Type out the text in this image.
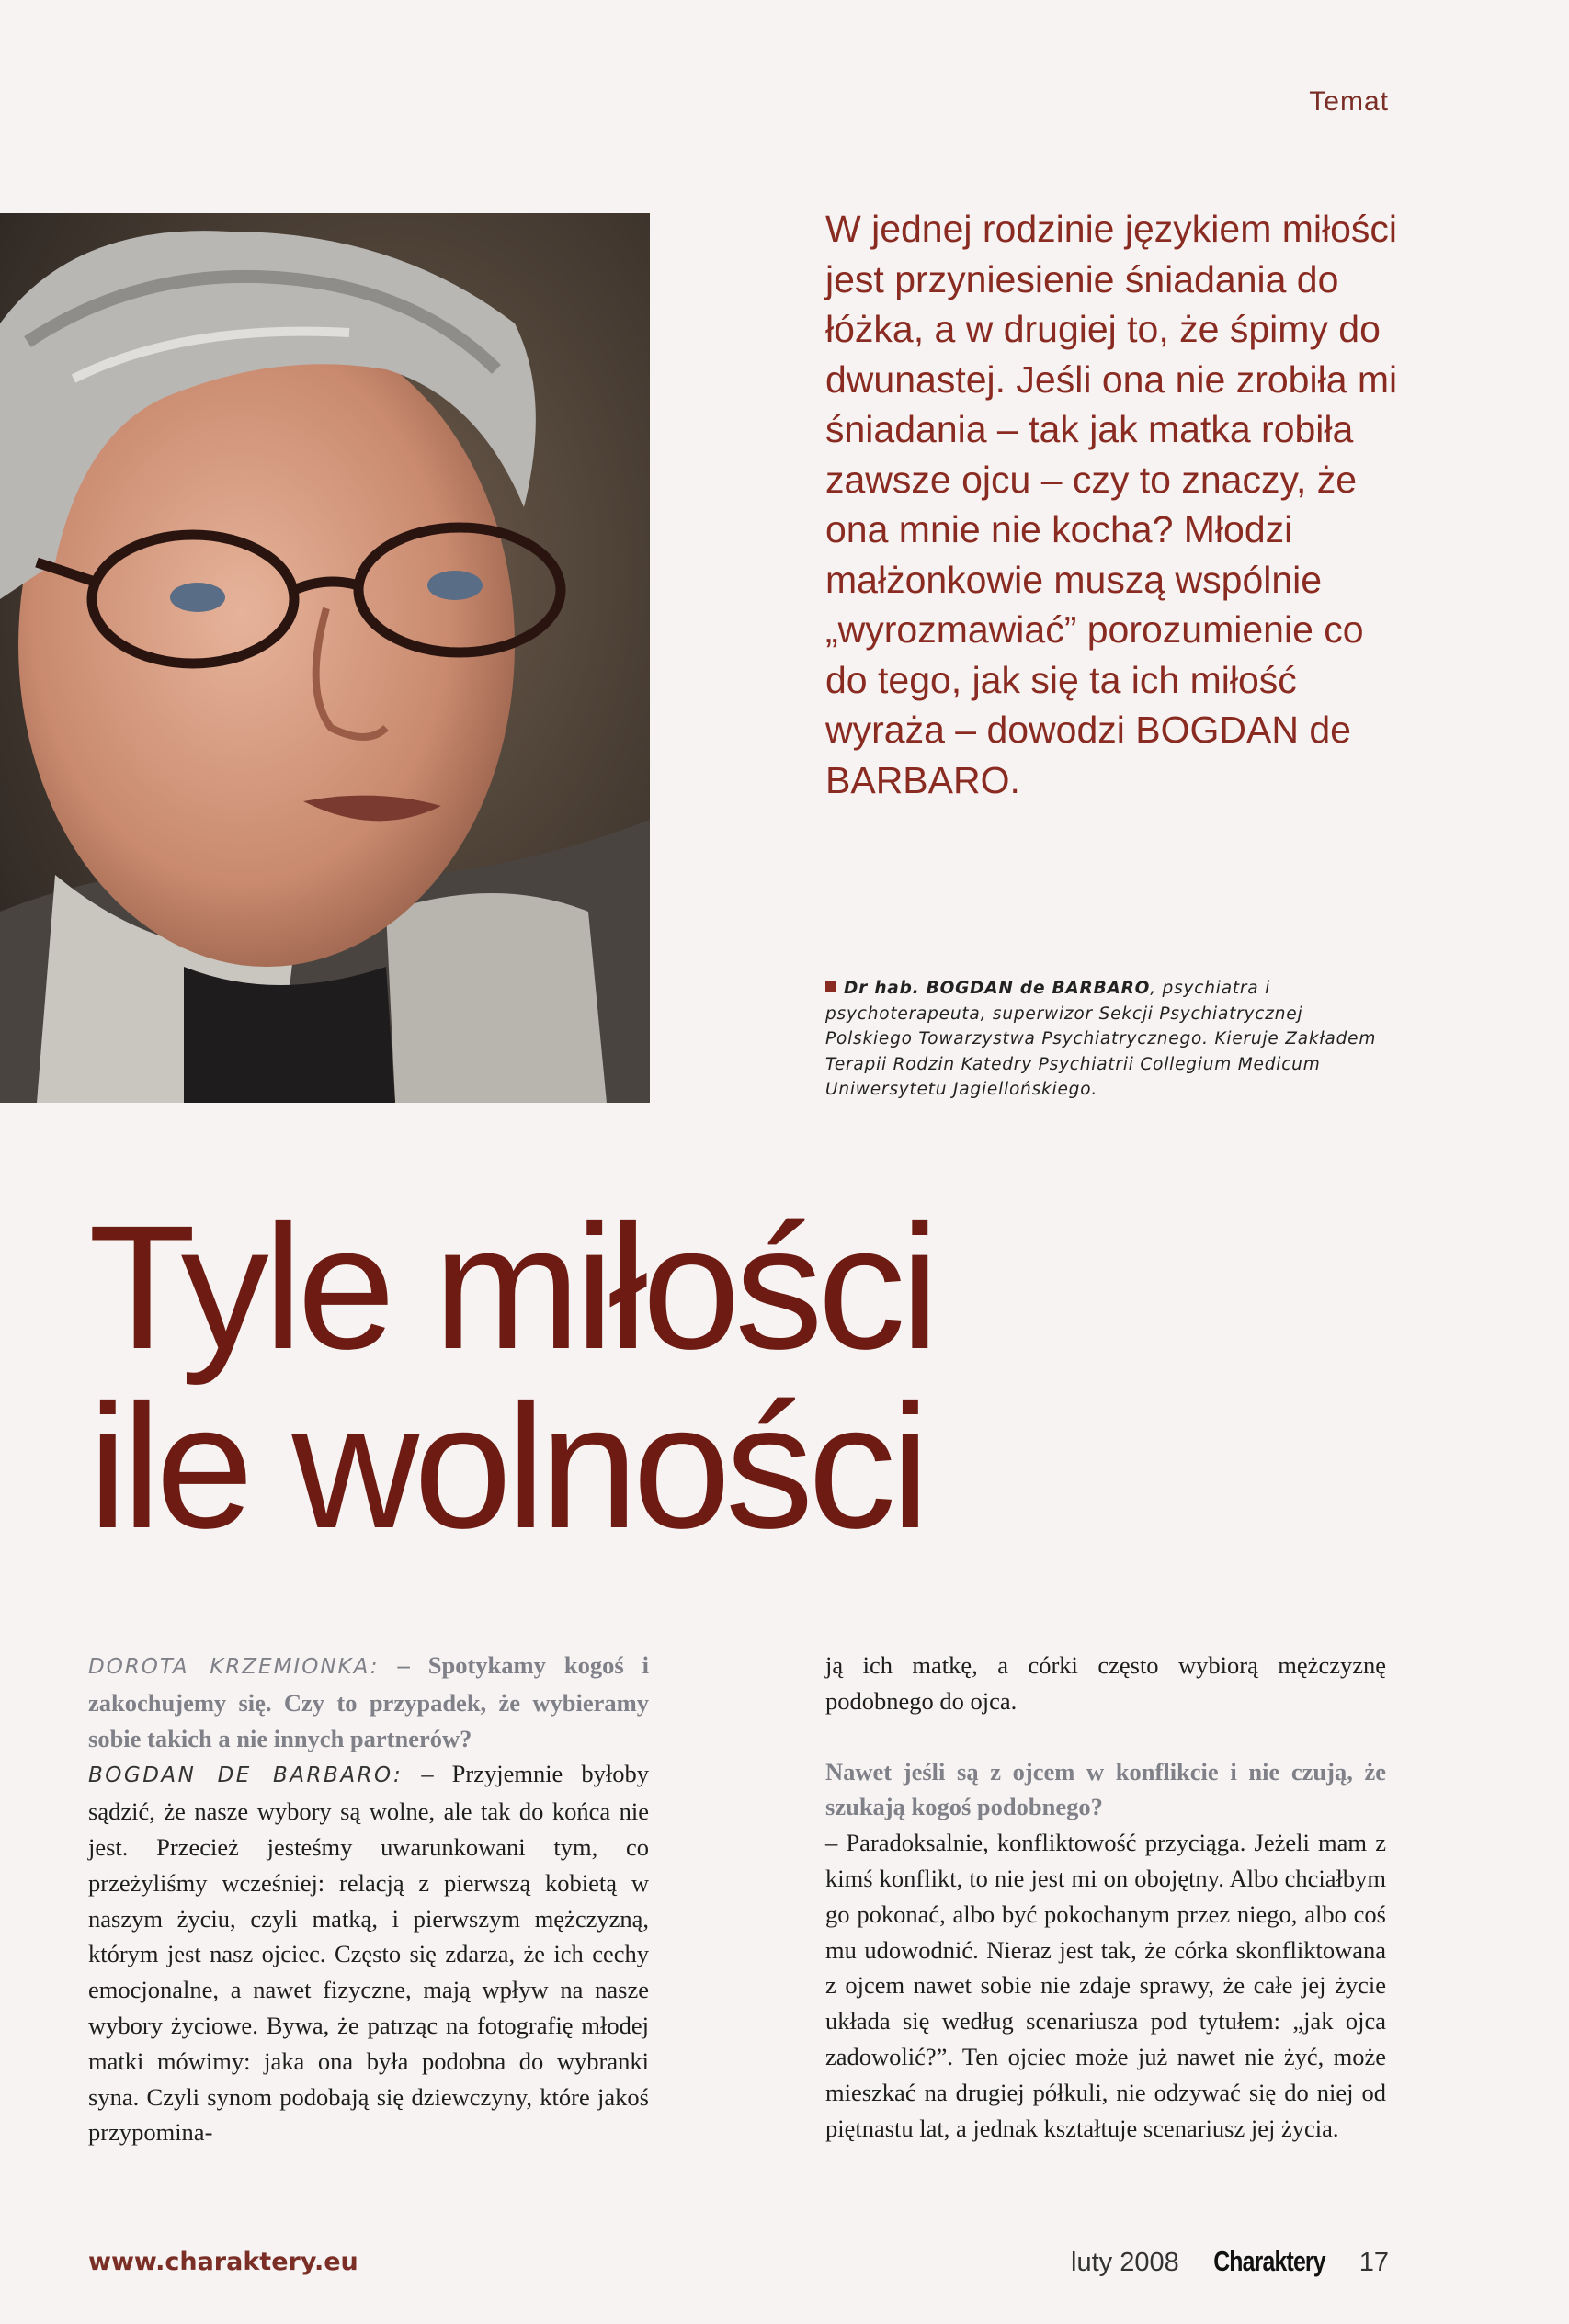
Temat

W jednej rodzinie językiem miłości jest przyniesienie śniadania do łóżka, a w drugiej to, że śpimy do dwunastej. Jeśli ona nie zrobiła mi śniadania – tak jak matka robiła zawsze ojcu – czy to znaczy, że ona mnie nie kocha? Młodzi małżonkowie muszą wspólnie „wyrozmawiać” porozumienie co do tego, jak się ta ich miłość wyraża – dowodzi BOGDAN de BARBARO.

Dr hab. BOGDAN de BARBARO, psychiatra i psychoterapeuta, superwizor Sekcji Psychiatrycznej Polskiego Towarzystwa Psychiatrycznego. Kieruje Zakładem Terapii Rodzin Katedry Psychiatrii Collegium Medicum Uniwersytetu Jagiellońskiego.
Tyle miłości
ile wolności

DOROTA KRZEMIONKA: – Spotykamy kogoś i zakochujemy się. Czy to przypadek, że wybieramy sobie takich a nie innych partnerów?

BOGDAN DE BARBARO: – Przyjemnie byłoby sądzić, że nasze wybory są wolne, ale tak do końca nie jest. Przecież jesteśmy uwarunkowani tym, co przeżyliśmy wcześniej: relacją z pierwszą kobietą w naszym życiu, czyli matką, i pierwszym mężczyzną, którym jest nasz ojciec. Często się zdarza, że ich cechy emocjonalne, a nawet fizyczne, mają wpływ na nasze wybory życiowe. Bywa, że patrząc na fotografię młodej matki mówimy: jaka ona była podobna do wybranki syna. Czyli synom podobają się dziewczyny, które jakoś przypomina-

ją ich matkę, a córki często wybiorą mężczyznę podobnego do ojca.

Nawet jeśli są z ojcem w konflikcie i nie czują, że szukają kogoś podobnego?

– Paradoksalnie, konfliktowość przyciąga. Jeżeli mam z kimś konflikt, to nie jest mi on obojętny. Albo chciałbym go pokonać, albo być pokochanym przez niego, albo coś mu udowodnić. Nieraz jest tak, że córka skonfliktowana z ojcem nawet sobie nie zdaje sprawy, że całe jej życie układa się według scenariusza pod tytułem: „jak ojca zadowolić?”. Ten ojciec może już nawet nie żyć, może mieszkać na drugiej półkuli, nie odzywać się do niej od piętnastu lat, a jednak kształtuje scenariusz jej życia.

www.charaktery.eu	luty 2008 Charaktery 17
